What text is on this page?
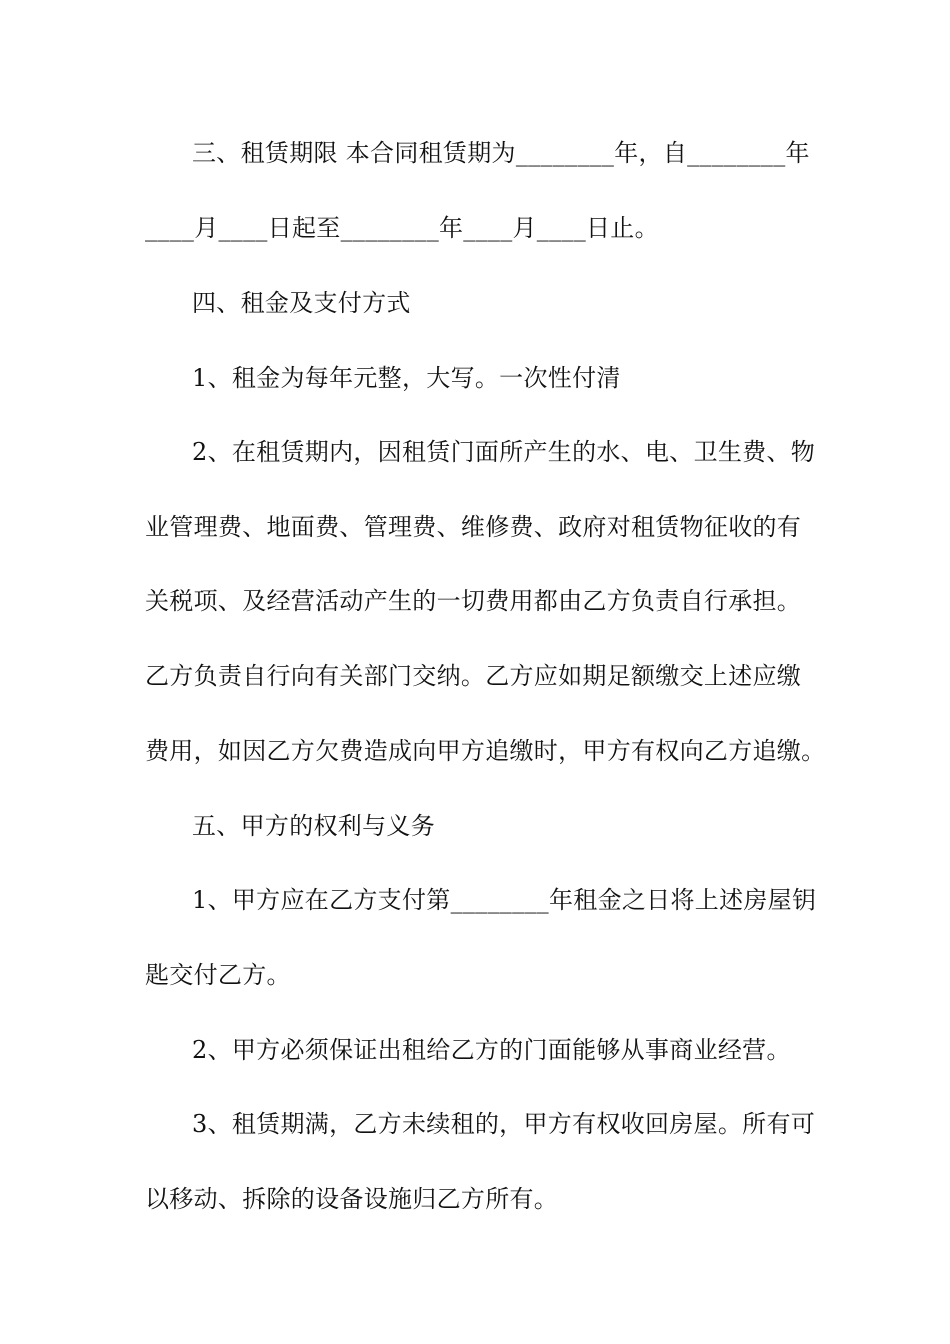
三、租赁期限 本合同租赁期为________年，自________年
____月____日起至________年____月____日止。
四、租金及支付方式
1、租金为每年元整，大写。一次性付清
2、在租赁期内，因租赁门面所产生的水、电、卫生费、物
业管理费、地面费、管理费、维修费、政府对租赁物征收的有
关税项、及经营活动产生的一切费用都由乙方负责自行承担。
乙方负责自行向有关部门交纳。乙方应如期足额缴交上述应缴
费用，如因乙方欠费造成向甲方追缴时，甲方有权向乙方追缴。
五、甲方的权利与义务
1、甲方应在乙方支付第________年租金之日将上述房屋钥
匙交付乙方。
2、甲方必须保证出租给乙方的门面能够从事商业经营。
3、租赁期满，乙方未续租的，甲方有权收回房屋。所有可
以移动、拆除的设备设施归乙方所有。
